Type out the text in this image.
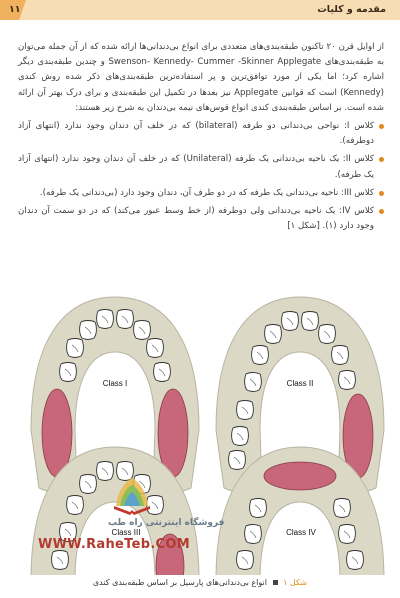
۱۱	مقدمه و کلیات

از اوایل قرن ۲۰ تاکنون طبقه‌بندی‌های متعددی برای انواع بی‌دندانی‌ها ارائه شده که از آن جمله می‌توان به طبقه‌بندی‌های Swenson- Kennedy- Cummer -Skinner Applegate و چندین طبقه‌بندی دیگر اشاره کرد؛ اما یکی از مورد توافق‌ترین و پر استفاده‌ترین طبقه‌بندی‌های ذکر شده روش کندی (Kennedy) است که قوانین Applegate نیز بعدها در تکمیل این طبقه‌بندی و برای درک بهتر آن ارائه شده است. بر اساس طبقه‌بندی کندی انواع قوس‌های نیمه بی‌دندان به شرح زیر هستند:

کلاس I: نواحی بی‌دندانی دو طرفه (bilateral) که در خلف آن دندان وجود ندارد (انتهای آزاد دوطرفه).
کلاس II: یک ناحیه بی‌دندانی یک طرفه (Unilateral) که در خلف آن دندان وجود ندارد (انتهای آزاد یک طرفه).
کلاس III: ناحیه بی‌دندانی یک طرفه که در دو طرف آن، دندان وجود دارد (بی‌دندانی یک طرفه).
کلاس IV: یک ناحیه بی‌دندانی ولی دوطرفه (از خط وسط عبور می‌کند) که در دو سمت آن دندان وجود دارد (۱). [شکل ۱]
Class I	Class II
Class III	Class IV
فروشگاه اینترنتی راه طب
WWW.RaheTeb.COM
شکل ۱  انواع بی‌دندانی‌های پارسیل بر اساس طبقه‌بندی کندی
